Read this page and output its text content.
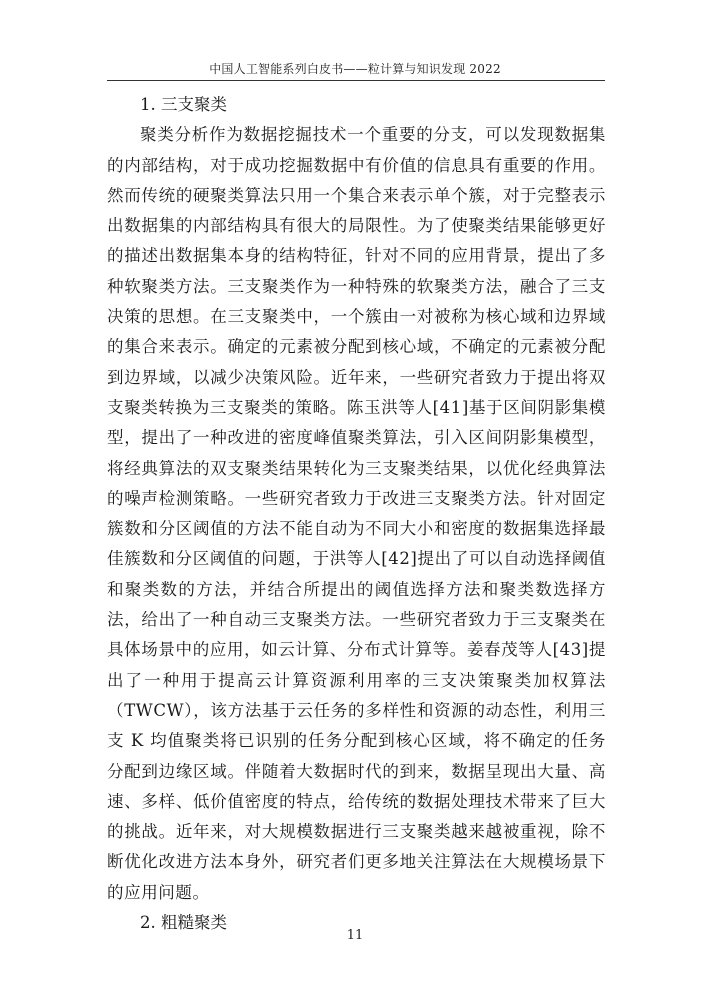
中国人工智能系列白皮书——粒计算与知识发现 2022
1. 三支聚类

聚类分析作为数据挖掘技术一个重要的分支，可以发现数据集的内部结构，对于成功挖掘数据中有价值的信息具有重要的作用。然而传统的硬聚类算法只用一个集合来表示单个簇，对于完整表示出数据集的内部结构具有很大的局限性。为了使聚类结果能够更好的描述出数据集本身的结构特征，针对不同的应用背景，提出了多种软聚类方法。三支聚类作为一种特殊的软聚类方法，融合了三支决策的思想。在三支聚类中，一个簇由一对被称为核心域和边界域的集合来表示。确定的元素被分配到核心域，不确定的元素被分配到边界域，以减少决策风险。近年来，一些研究者致力于提出将双支聚类转换为三支聚类的策略。陈玉洪等人[41]基于区间阴影集模型，提出了一种改进的密度峰值聚类算法，引入区间阴影集模型，将经典算法的双支聚类结果转化为三支聚类结果，以优化经典算法的噪声检测策略。一些研究者致力于改进三支聚类方法。针对固定簇数和分区阈值的方法不能自动为不同大小和密度的数据集选择最佳簇数和分区阈值的问题，于洪等人[42]提出了可以自动选择阈值和聚类数的方法，并结合所提出的阈值选择方法和聚类数选择方法，给出了一种自动三支聚类方法。一些研究者致力于三支聚类在具体场景中的应用，如云计算、分布式计算等。姜春茂等人[43]提出了一种用于提高云计算资源利用率的三支决策聚类加权算法（TWCW），该方法基于云任务的多样性和资源的动态性，利用三支 K 均值聚类将已识别的任务分配到核心区域，将不确定的任务分配到边缘区域。伴随着大数据时代的到来，数据呈现出大量、高速、多样、低价值密度的特点，给传统的数据处理技术带来了巨大的挑战。近年来，对大规模数据进行三支聚类越来越被重视，除不断优化改进方法本身外，研究者们更多地关注算法在大规模场景下的应用问题。

2. 粗糙聚类
11
